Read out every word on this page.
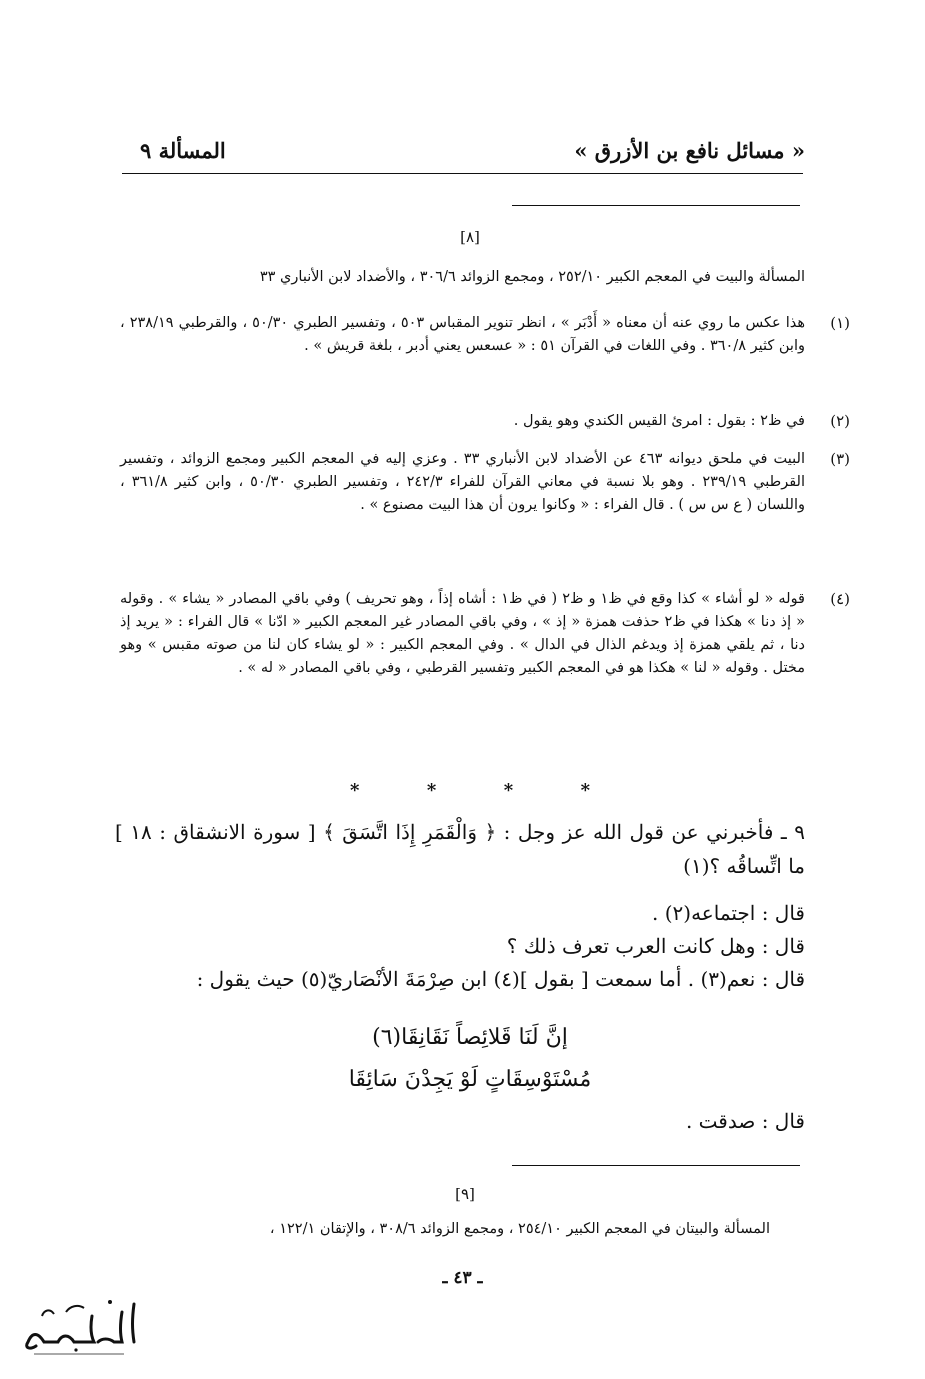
المسألة ٩	« مسائل نافع بن الأزرق »
[٨]
المسألة والبيت في المعجم الكبير ٢٥٢/١٠ ، ومجمع الزوائد ٣٠٦/٦ ، والأضداد لابن الأنباري ٣٣
(١)
هذا عكس ما روي عنه أن معناه « أَدْبَر » ، انظر تنوير المقباس ٥٠٣ ، وتفسير الطبري ٥٠/٣٠ ، والقرطبي ٢٣٨/١٩ ، وابن كثير ٣٦٠/٨ . وفي اللغات في القرآن ٥١ : « عسعس يعني أدبر ، بلغة قريش » .
(٢)
في ظ٢ : بقول : امرئ القيس الكندي وهو يقول .
(٣)
البيت في ملحق ديوانه ٤٦٣ عن الأضداد لابن الأنباري ٣٣ . وعزي إليه في المعجم الكبير ومجمع الزوائد ، وتفسير القرطبي ٢٣٩/١٩ . وهو بلا نسبة في معاني القرآن للفراء ٢٤٢/٣ ، وتفسير الطبري ٥٠/٣٠ ، وابن كثير ٣٦١/٨ ، واللسان ( ع س س ) . قال الفراء : « وكانوا يرون أن هذا البيت مصنوع » .
(٤)
قوله « لو أشاء » كذا وقع في ظ١ و ظ٢ ( في ظ١ : أشاه إذاً ، وهو تحريف ) وفي باقي المصادر « يشاء » . وقوله « إذ دنا » هكذا في ظ٢ حذفت همزة « إذ » ، وفي باقي المصادر غير المعجم الكبير « ادّنا » قال الفراء : « يريد إذ دنا ، ثم يلقي همزة إذ ويدغم الذال في الدال » . وفي المعجم الكبير : « لو يشاء كان لنا من صوته مقبس » وهو مختل . وقوله « لنا » هكذا هو في المعجم الكبير وتفسير القرطبي ، وفي باقي المصادر « له » .
*	*	*	*
٩ ـ فأخبرني عن قول الله عز وجل : ﴿ وَالْقَمَرِ إِذَا اتَّسَقَ ﴾ [ سورة الانشقاق : ١٨ ] ما اتِّساقُه ؟(١)
قال : اجتماعه(٢) .
قال : وهل كانت العرب تعرف ذلك ؟
قال : نعم(٣) . أما سمعت [ بقول ](٤) ابن صِرْمَةَ الأنْصَاريّ(٥) حيث يقول :
إنَّ لَنَا قَلائِصاً نَقَانِقَا(٦)
مُسْتَوْسِقَاتٍ لَوْ يَجِدْنَ سَائِقَا
قال : صدقت .
[٩]
المسألة والبيتان في المعجم الكبير ٢٥٤/١٠ ، ومجمع الزوائد ٣٠٨/٦ ، والإتقان ١٢٢/١ ،
ـ ٤٣ ـ
